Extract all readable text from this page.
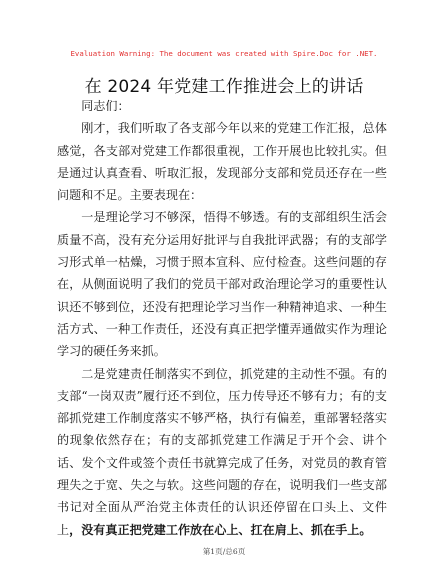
Evaluation Warning: The document was created with Spire.Doc for .NET.
在 2024 年党建工作推进会上的讲话

同志们：

刚才，我们听取了各支部今年以来的党建工作汇报，总体感觉，各支部对党建工作都很重视，工作开展也比较扎实。但是通过认真查看、听取汇报，发现部分支部和党员还存在一些问题和不足。主要表现在：

一是理论学习不够深，悟得不够透。有的支部组织生活会质量不高，没有充分运用好批评与自我批评武器；有的支部学习形式单一枯燥，习惯于照本宣科、应付检查。这些问题的存在，从侧面说明了我们的党员干部对政治理论学习的重要性认识还不够到位，还没有把理论学习当作一种精神追求、一种生活方式、一种工作责任，还没有真正把学懂弄通做实作为理论学习的硬任务来抓。

二是党建责任制落实不到位，抓党建的主动性不强。有的支部“一岗双责”履行还不到位，压力传导还不够有力；有的支部抓党建工作制度落实不够严格，执行有偏差，重部署轻落实的现象依然存在；有的支部抓党建工作满足于开个会、讲个话、发个文件或签个责任书就算完成了任务，对党员的教育管理失之于宽、失之与软。这些问题的存在，说明我们一些支部书记对全面从严治党主体责任的认识还停留在口头上、文件上，没有真正把党建工作放在心上、扛在肩上、抓在手上。

第1页/总6页
